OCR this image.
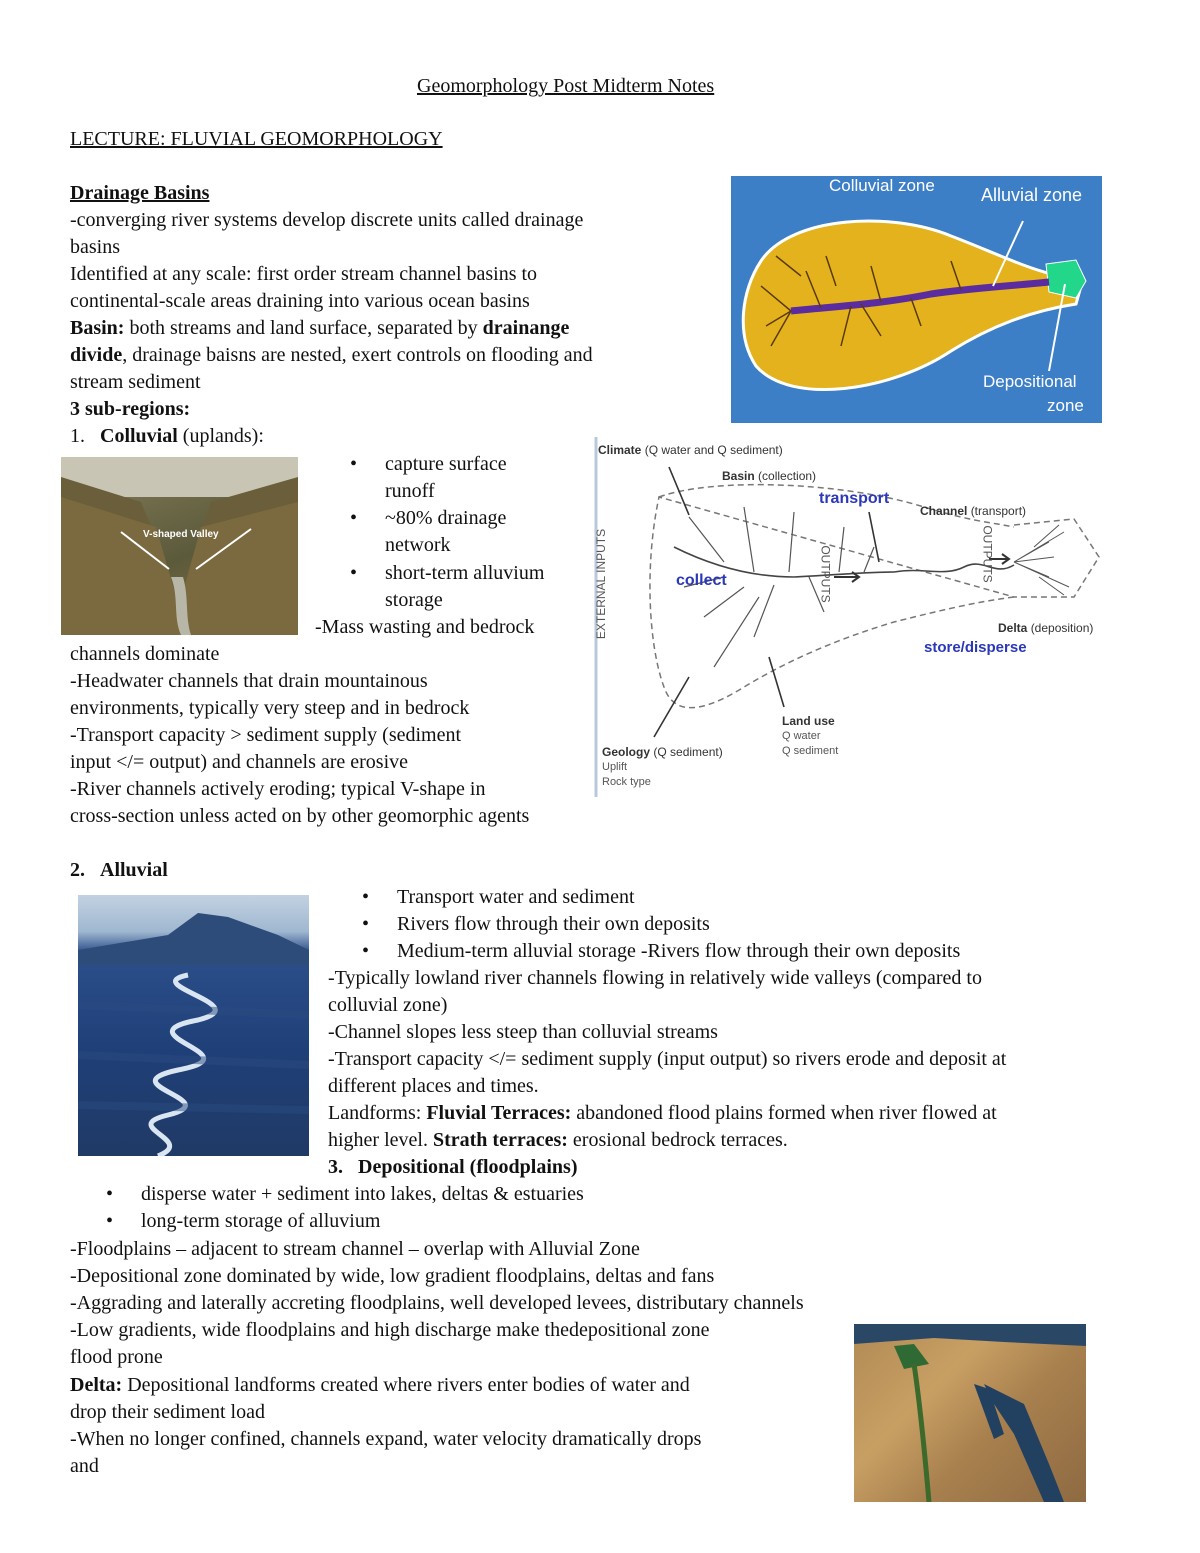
Geomorphology Post Midterm Notes
LECTURE: FLUVIAL GEOMORPHOLOGY
Drainage Basins
-converging river systems develop discrete units called drainage
basins
Identified at any scale: first order stream channel basins to
continental-scale areas draining into various ocean basins
Basin: both streams and land surface, separated by drainange
divide, drainage baisns are nested, exert controls on flooding and
stream sediment
3 sub-regions:
1. Colluvial (uplands):
Colluvial zone	Alluvial zone
Depositional
zone
V-shaped Valley
• capture surface
runoff
• ~80% drainage
network
• short-term alluvium
storage
-Mass wasting and bedrock
channels dominate
-Headwater channels that drain mountainous
environments, typically very steep and in bedrock
-Transport capacity > sediment supply (sediment
input </= output) and channels are erosive
-River channels actively eroding; typical V-shape in
cross-section unless acted on by other geomorphic agents
Climate (Q water and Q sediment)
Basin (collection)
transport
Channel (transport)
EXTERNAL INPUTS	OUTPUTS	OUTPUTS
collect
Delta (deposition)
store/disperse
Land use
Q water
Q sediment
Geology (Q sediment)
Uplift
Rock type
2. Alluvial
• Transport water and sediment
• Rivers flow through their own deposits
• Medium-term alluvial storage -Rivers flow through their own deposits
-Typically lowland river channels flowing in relatively wide valleys (compared to
colluvial zone)
-Channel slopes less steep than colluvial streams
-Transport capacity </= sediment supply (input output) so rivers erode and deposit at
different places and times.
Landforms: Fluvial Terraces: abandoned flood plains formed when river flowed at
higher level. Strath terraces: erosional bedrock terraces.
3. Depositional (floodplains)
• disperse water + sediment into lakes, deltas & estuaries
• long-term storage of alluvium
-Floodplains – adjacent to stream channel – overlap with Alluvial Zone
-Depositional zone dominated by wide, low gradient floodplains, deltas and fans
-Aggrading and laterally accreting floodplains, well developed levees, distributary channels
-Low gradients, wide floodplains and high discharge make thedepositional zone
flood prone
Delta: Depositional landforms created where rivers enter bodies of water and
drop their sediment load
-When no longer confined, channels expand, water velocity dramatically drops
and
